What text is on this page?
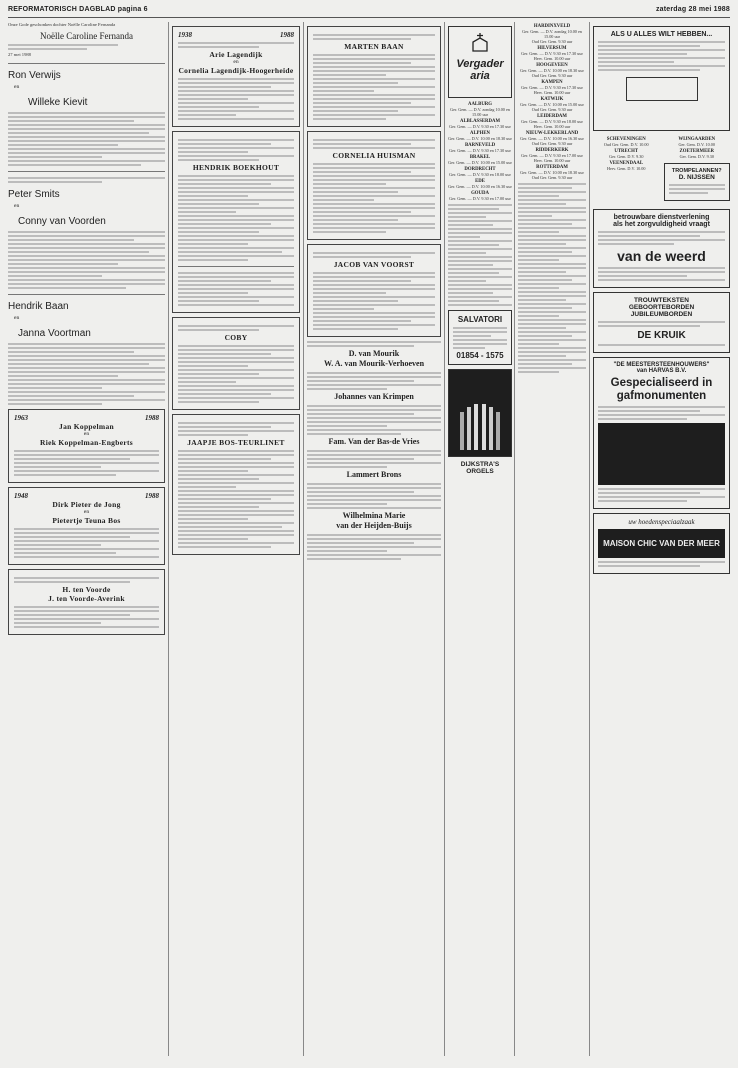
REFORMATORISCH DAGBLAD pagina 6	zaterdag 28 mei 1988
Onze Gode geschonken dochter Noëlle Caroline Fernanda
Noëlle Caroline Fernanda
27 mei 1988
Ron Verwijs
en
Willeke Kievit
Peter Smits
en
Conny van Voorden
Hendrik Baan
en
Janna Voortman
1963	1988
Jan Koppelman
en
Riek Koppelman-Engberts
1948	1988
Dirk Pieter de Jong
en
Pietertje Teuna Bos
H. ten Voorde
J. ten Voorde-Averink
1938	1988
Arie Lagendijk
en
Cornelia Lagendijk-Hoogerheide
HENDRIK BOEKHOUT
COBY
JAAPJE BOS-TEURLINET
MARTEN BAAN
CORNELIA HUISMAN
JACOB VAN VOORST
D. van Mourik
W. A. van Mourik-Verhoeven
Johannes van Krimpen
Fam. Van der Bas-de Vries
Lammert Brons
Wilhelmina Marie
van der Heijden-Buijs
Vergader
aria
AALBURG

Ger. Gem. — D.V. zondag 10.00 en 15.00 uur

ALBLASSERDAM

Ger. Gem. — D.V. 9.30 en 17.30 uur

ALPHEN

Ger. Gem. — D.V. 10.00 en 18.30 uur

BARNEVELD

Ger. Gem. — D.V. 9.30 en 17.30 uur

BRAKEL

Ger. Gem. — D.V. 10.00 en 15.00 uur

DORDRECHT

Ger. Gem. — D.V. 9.30 en 18.00 uur

EDE

Ger. Gem. — D.V. 10.00 en 16.30 uur

GOUDA

Ger. Gem. — D.V. 9.30 en 17.00 uur

SALVATORI
01854 - 1575
DIJKSTRA'S ORGELS
HARDINXVELD

Ger. Gem. — D.V. zondag 10.00 en 15.00 uur

Oud Ger. Gem. 9.30 uur

HILVERSUM

Ger. Gem. — D.V. 9.30 en 17.30 uur

Herv. Gem. 10.00 uur

HOOGEVEEN

Ger. Gem. — D.V. 10.00 en 18.30 uur

Oud Ger. Gem. 9.30 uur

KAMPEN

Ger. Gem. — D.V. 9.30 en 17.30 uur

Herv. Gem. 10.00 uur

KATWIJK

Ger. Gem. — D.V. 10.00 en 15.00 uur

Oud Ger. Gem. 9.30 uur

LEIDERDAM

Ger. Gem. — D.V. 9.30 en 18.00 uur

Herv. Gem. 10.00 uur

NIEUW-LEKKERLAND

Ger. Gem. — D.V. 10.00 en 16.30 uur

Oud Ger. Gem. 9.30 uur

RIDDERKERK

Ger. Gem. — D.V. 9.30 en 17.00 uur

Herv. Gem. 10.00 uur

ROTTERDAM

Ger. Gem. — D.V. 10.00 en 18.30 uur

Oud Ger. Gem. 9.30 uur

ALS U ALLES WILT HEBBEN...
SCHEVENINGEN

Oud Ger. Gem. D.V. 10.00

UTRECHT

Ger. Gem. D.V. 9.30

VEENENDAAL

Herv. Gem. D.V. 10.00

WIJNGAARDEN

Ger. Gem. D.V. 10.00

ZOETERMEER

Ger. Gem. D.V. 9.30

TROMPELANNEN?
D. NIJSSEN
betrouwbare dienstverlening
als het zorgvuldigheid vraagt
van de weerd
TROUWTEKSTEN
GEBOORTEBORDEN
JUBILEUMBORDEN
DE KRUIK
"DE MEESTERSTEENHOUWERS"
van HARVAS B.V.
Gespecialiseerd in gafmonumenten
uw hoedenspeciaalzaak
MAISON CHIC VAN DER MEER
